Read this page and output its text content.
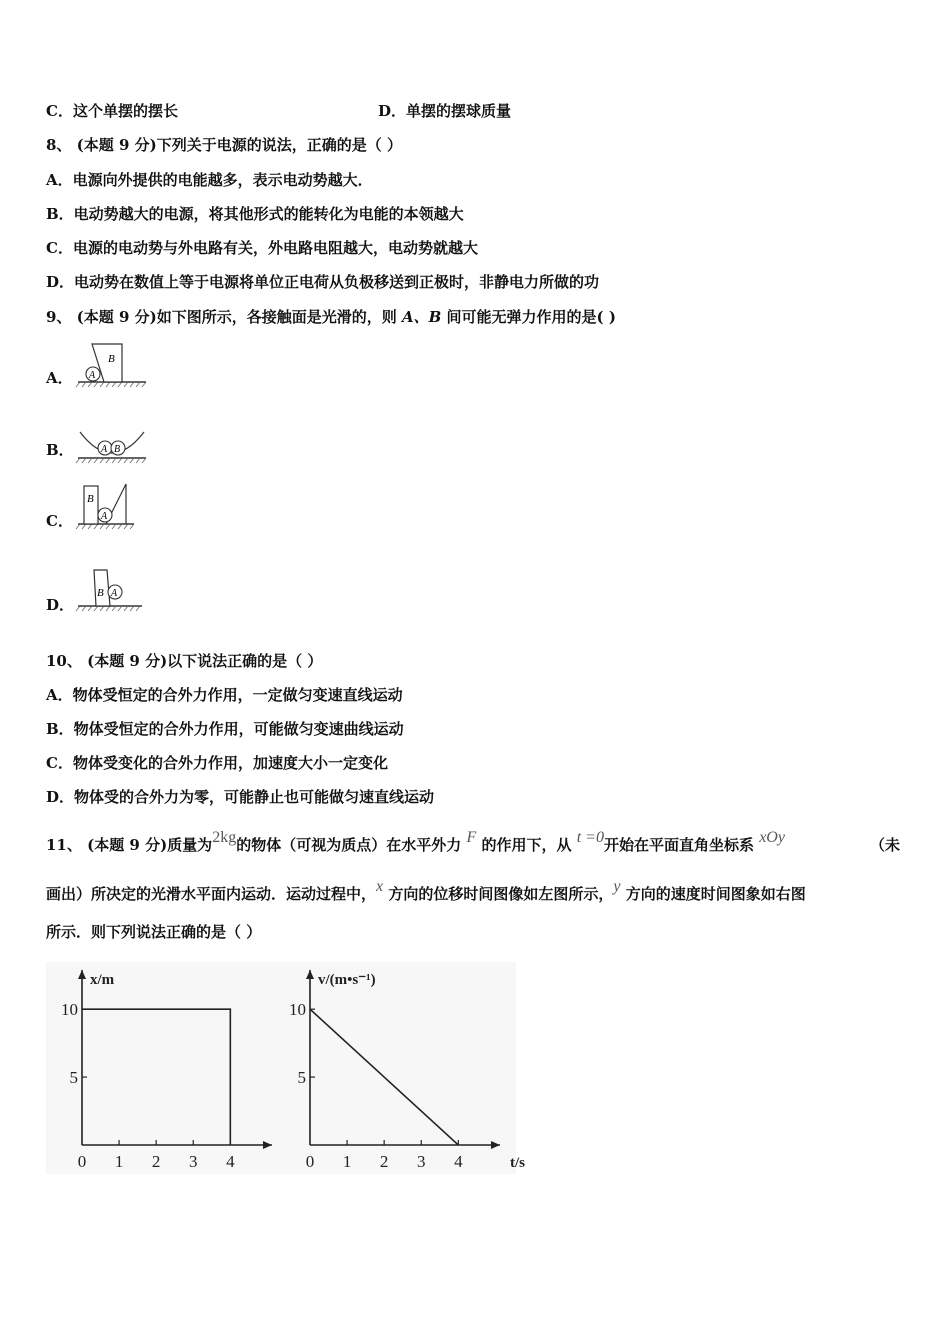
C．这个单摆的摆长	D．单摆的摆球质量
8、 (本题 9 分)下列关于电源的说法，正确的是（ ）
A．电源向外提供的电能越多，表示电动势越大．
B．电动势越大的电源，将其他形式的能转化为电能的本领越大
C．电源的电动势与外电路有关，外电路电阻越大，电动势就越大
D．电动势在数值上等于电源将单位正电荷从负极移送到正极时，非静电力所做的功
9、 (本题 9 分)如下图所示，各接触面是光滑的，则 A、B 间可能无弹力作用的是( )
A． A
B
B．	A B
C．
B
A
D．
B A
10、 (本题 9 分)以下说法正确的是（ ）
A．物体受恒定的合外力作用，一定做匀变速直线运动
B．物体受恒定的合外力作用，可能做匀变速曲线运动
C．物体受变化的合外力作用，加速度大小一定变化
D．物体受的合外力为零，可能静止也可能做匀速直线运动
11、 (本题 9 分)质量为2kg的物体（可视为质点）在水平外力 F 的作用下，从 t =0开始在平面直角坐标系 xOy	（未
画出）所决定的光滑水平面内运动．运动过程中，x 方向的位移时间图像如左图所示，y 方向的速度时间图象如右图
所示．则下列说法正确的是（ ）
0 1 2 3 4
5
10
x/m
0 1 2 3 4
5
10
v/(m•s⁻¹)
t/s
